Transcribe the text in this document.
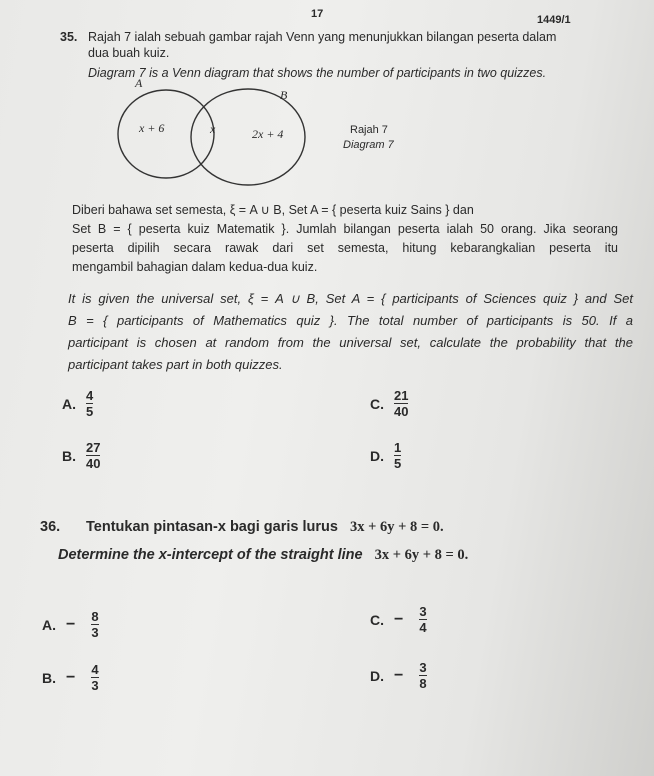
17	1449/1
35. Rajah 7 ialah sebuah gambar rajah Venn yang menunjukkan bilangan peserta dalam
dua buah kuiz.
Diagram 7 is a Venn diagram that shows the number of participants in two quizzes.
A
B
x + 6	x	2x + 4	Rajah 7
Diagram 7
Diberi bahawa set semesta, ξ = A ∪ B, Set A = { peserta kuiz Sains } dan
Set B = { peserta kuiz Matematik }. Jumlah bilangan peserta ialah 50 orang. Jika seorang
peserta dipilih secara rawak dari set semesta, hitung kebarangkalian peserta itu
mengambil bahagian dalam kedua-dua kuiz.
It is given the universal set, ξ = A ∪ B, Set A = { participants of Sciences quiz } and Set
B = { participants of Mathematics quiz }. The total number of participants is 50. If a
participant is chosen at random from the universal set, calculate the probability that the
participant takes part in both quizzes.
A. $\frac{4}{5}$
B. $\frac{27}{40}$
C. $\frac{21}{40}$
D. $\frac{1}{5}$
36. Tentukan pintasan-x bagi garis lurus 3x + 6y + 8 = 0.
Determine the x-intercept of the straight line 3x + 6y + 8 = 0.
A. − $\frac{8}{3}$
B. − $\frac{4}{3}$
C. − $\frac{3}{4}$
D. − $\frac{3}{8}$
